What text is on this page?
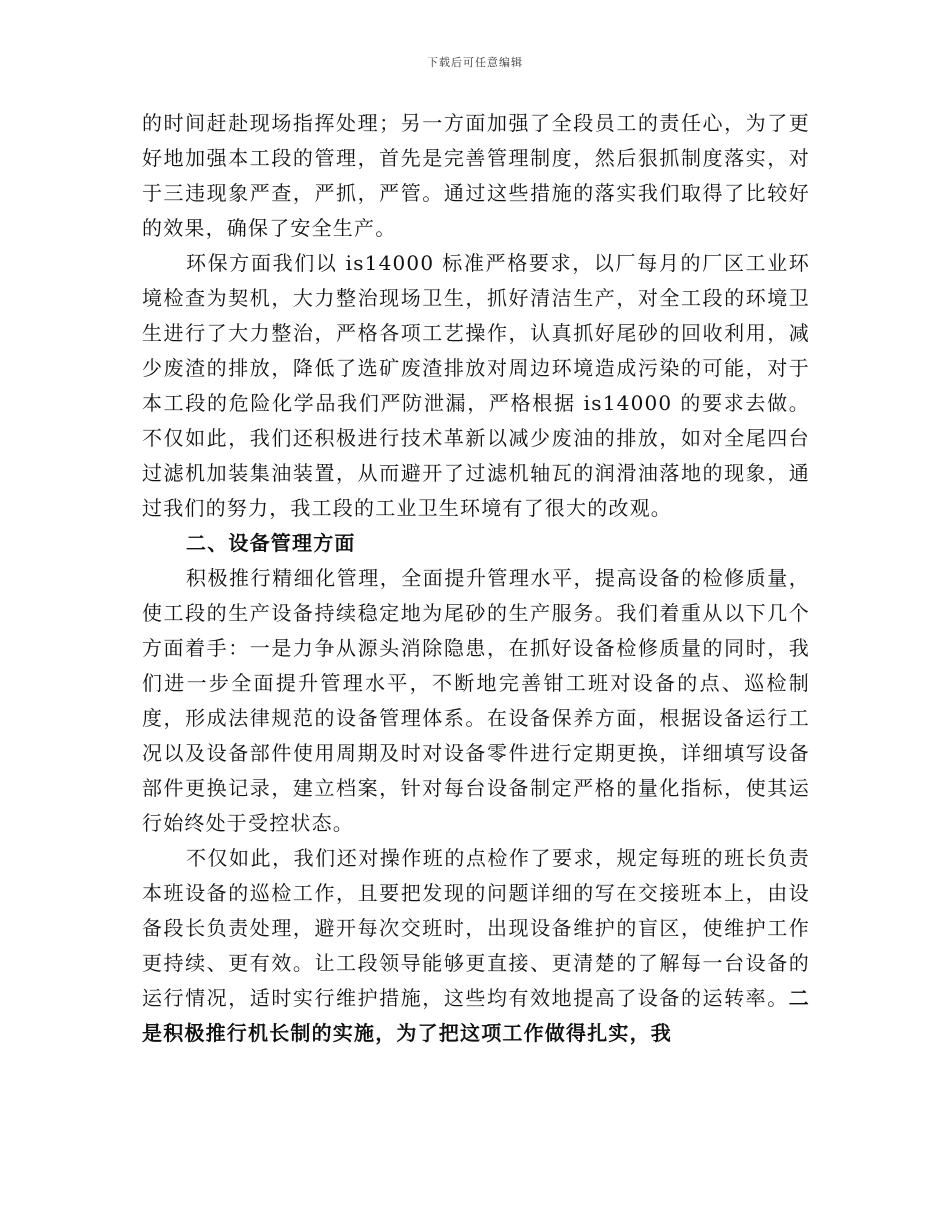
下载后可任意编辑

的时间赶赴现场指挥处理；另一方面加强了全段员工的责任心，为了更好地加强本工段的管理，首先是完善管理制度，然后狠抓制度落实，对于三违现象严查，严抓，严管。通过这些措施的落实我们取得了比较好的效果，确保了安全生产。

环保方面我们以 is14000 标准严格要求，以厂每月的厂区工业环境检查为契机，大力整治现场卫生，抓好清洁生产，对全工段的环境卫生进行了大力整治，严格各项工艺操作，认真抓好尾砂的回收利用，减少废渣的排放，降低了选矿废渣排放对周边环境造成污染的可能，对于本工段的危险化学品我们严防泄漏，严格根据 is14000 的要求去做。不仅如此，我们还积极进行技术革新以减少废油的排放，如对全尾四台过滤机加装集油装置，从而避开了过滤机轴瓦的润滑油落地的现象，通过我们的努力，我工段的工业卫生环境有了很大的改观。

二、设备管理方面

积极推行精细化管理，全面提升管理水平，提高设备的检修质量，使工段的生产设备持续稳定地为尾砂的生产服务。我们着重从以下几个方面着手：一是力争从源头消除隐患，在抓好设备检修质量的同时，我们进一步全面提升管理水平，不断地完善钳工班对设备的点、巡检制度，形成法律规范的设备管理体系。在设备保养方面，根据设备运行工况以及设备部件使用周期及时对设备零件进行定期更换，详细填写设备部件更换记录，建立档案，针对每台设备制定严格的量化指标，使其运行始终处于受控状态。

不仅如此，我们还对操作班的点检作了要求，规定每班的班长负责本班设备的巡检工作，且要把发现的问题详细的写在交接班本上，由设备段长负责处理，避开每次交班时，出现设备维护的盲区，使维护工作更持续、更有效。让工段领导能够更直接、更清楚的了解每一台设备的运行情况，适时实行维护措施，这些均有效地提高了设备的运转率。二是积极推行机长制的实施，为了把这项工作做得扎实，我
